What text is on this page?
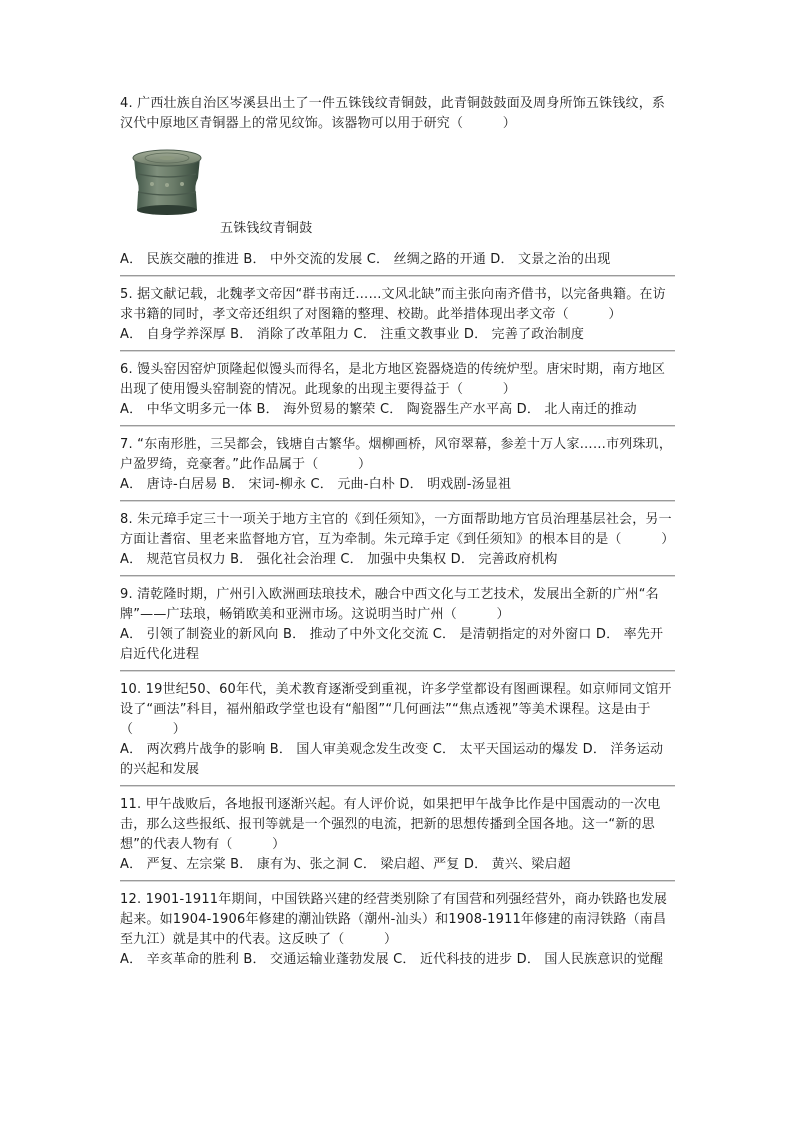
4. 广西壮族自治区岑溪县出土了一件五铢钱纹青铜鼓，此青铜鼓鼓面及周身所饰五铢钱纹，系汉代中原地区青铜器上的常见纹饰。该器物可以用于研究（　　　）

五铢钱纹青铜鼓

A． 民族交融的推进 B． 中外交流的发展 C． 丝绸之路的开通 D． 文景之治的出现

5. 据文献记载，北魏孝文帝因“群书南迁……文风北缺”而主张向南齐借书，以完备典籍。在访求书籍的同时，孝文帝还组织了对图籍的整理、校勘。此举措体现出孝文帝（　　　）

A． 自身学养深厚 B． 消除了改革阻力 C． 注重文教事业 D． 完善了政治制度

6. 馒头窑因窑炉顶隆起似馒头而得名，是北方地区瓷器烧造的传统炉型。唐宋时期，南方地区出现了使用馒头窑制瓷的情况。此现象的出现主要得益于（　　　）

A． 中华文明多元一体 B． 海外贸易的繁荣 C． 陶瓷器生产水平高 D． 北人南迁的推动

7. “东南形胜，三吴都会，钱塘自古繁华。烟柳画桥，风帘翠幕，参差十万人家……市列珠玑，户盈罗绮，竞豪奢。”此作品属于（　　　）

A． 唐诗-白居易 B． 宋词-柳永 C． 元曲-白朴 D． 明戏剧-汤显祖

8. 朱元璋手定三十一项关于地方主官的《到任须知》，一方面帮助地方官员治理基层社会，另一方面让耆宿、里老来监督地方官，互为牵制。朱元璋手定《到任须知》的根本目的是（　　　）

A． 规范官员权力 B． 强化社会治理 C． 加强中央集权 D． 完善政府机构

9. 清乾隆时期，广州引入欧洲画珐琅技术，融合中西文化与工艺技术，发展出全新的广州“名牌”——广珐琅，畅销欧美和亚洲市场。这说明当时广州（　　　）

A． 引领了制瓷业的新风向 B． 推动了中外文化交流 C． 是清朝指定的对外窗口 D． 率先开启近代化进程

10. 19世纪50、60年代，美术教育逐渐受到重视，许多学堂都设有图画课程。如京师同文馆开设了“画法”科目，福州船政学堂也设有“船图”“几何画法”“焦点透视”等美术课程。这是由于（　　　）

A． 两次鸦片战争的影响 B． 国人审美观念发生改变 C． 太平天国运动的爆发 D． 洋务运动的兴起和发展

11. 甲午战败后，各地报刊逐渐兴起。有人评价说，如果把甲午战争比作是中国震动的一次电击，那么这些报纸、报刊等就是一个强烈的电流，把新的思想传播到全国各地。这一“新的思想”的代表人物有（　　　）

A． 严复、左宗棠 B． 康有为、张之洞 C． 梁启超、严复 D． 黄兴、梁启超

12. 1901-1911年期间，中国铁路兴建的经营类别除了有国营和列强经营外，商办铁路也发展起来。如1904-1906年修建的潮汕铁路（潮州-汕头）和1908-1911年修建的南浔铁路（南昌至九江）就是其中的代表。这反映了（　　　）

A． 辛亥革命的胜利 B． 交通运输业蓬勃发展 C． 近代科技的进步 D． 国人民族意识的觉醒
